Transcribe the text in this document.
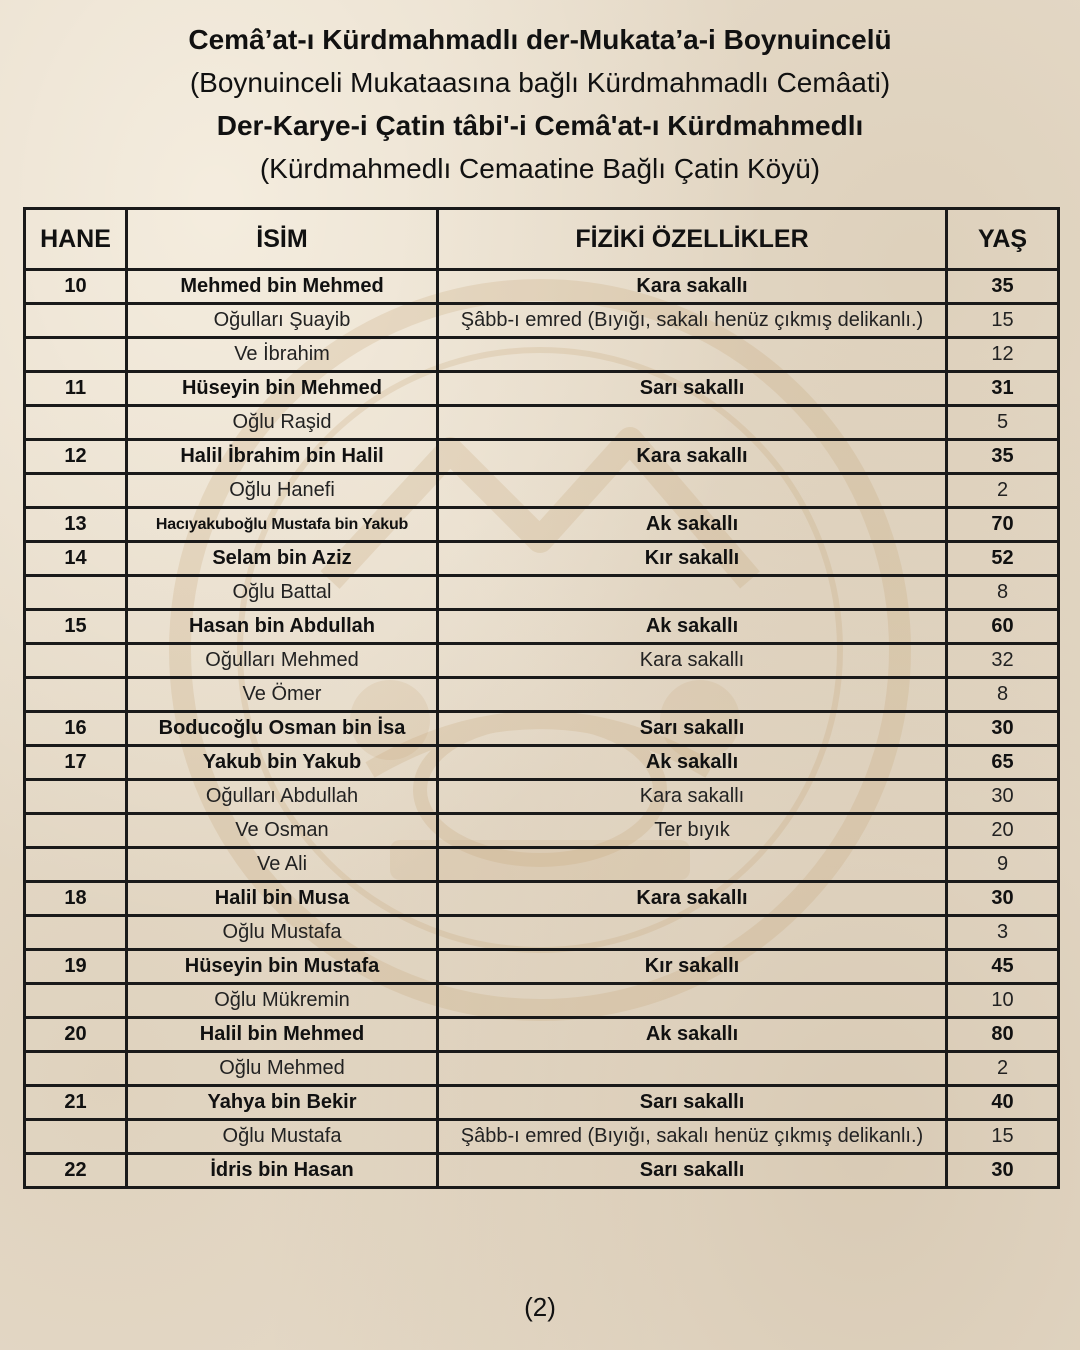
Cemâ’at-ı Kürdmahmadlı der-Mukata’a-i Boynuincelü
(Boynuinceli Mukataasına bağlı Kürdmahmadlı Cemâati)
Der-Karye-i Çatin tâbi'-i Cemâ'at-ı Kürdmahmedlı
(Kürdmahmedlı Cemaatine Bağlı Çatin Köyü)
HANE	İSİM	FİZİKİ ÖZELLİKLER	YAŞ
10	Mehmed bin Mehmed	Kara sakallı	35
	Oğulları Şuayib	Şâbb-ı emred (Bıyığı, sakalı henüz çıkmış delikanlı.)	15
	Ve İbrahim		12
11	Hüseyin bin Mehmed	Sarı sakallı	31
	Oğlu Raşid		5
12	Halil İbrahim bin Halil	Kara sakallı	35
	Oğlu Hanefi		2
13	Hacıyakuboğlu Mustafa bin Yakub	Ak sakallı	70
14	Selam bin Aziz	Kır sakallı	52
	Oğlu Battal		8
15	Hasan bin Abdullah	Ak sakallı	60
	Oğulları Mehmed	Kara sakallı	32
	Ve Ömer		8
16	Boducoğlu Osman bin İsa	Sarı sakallı	30
17	Yakub bin Yakub	Ak sakallı	65
	Oğulları Abdullah	Kara sakallı	30
	Ve Osman	Ter bıyık	20
	Ve Ali		9
18	Halil bin Musa	Kara sakallı	30
	Oğlu Mustafa		3
19	Hüseyin bin Mustafa	Kır sakallı	45
	Oğlu Mükremin		10
20	Halil bin Mehmed	Ak sakallı	80
	Oğlu Mehmed		2
21	Yahya bin Bekir	Sarı sakallı	40
	Oğlu Mustafa	Şâbb-ı emred (Bıyığı, sakalı henüz çıkmış delikanlı.)	15
22	İdris bin Hasan	Sarı sakallı	30
(2)
